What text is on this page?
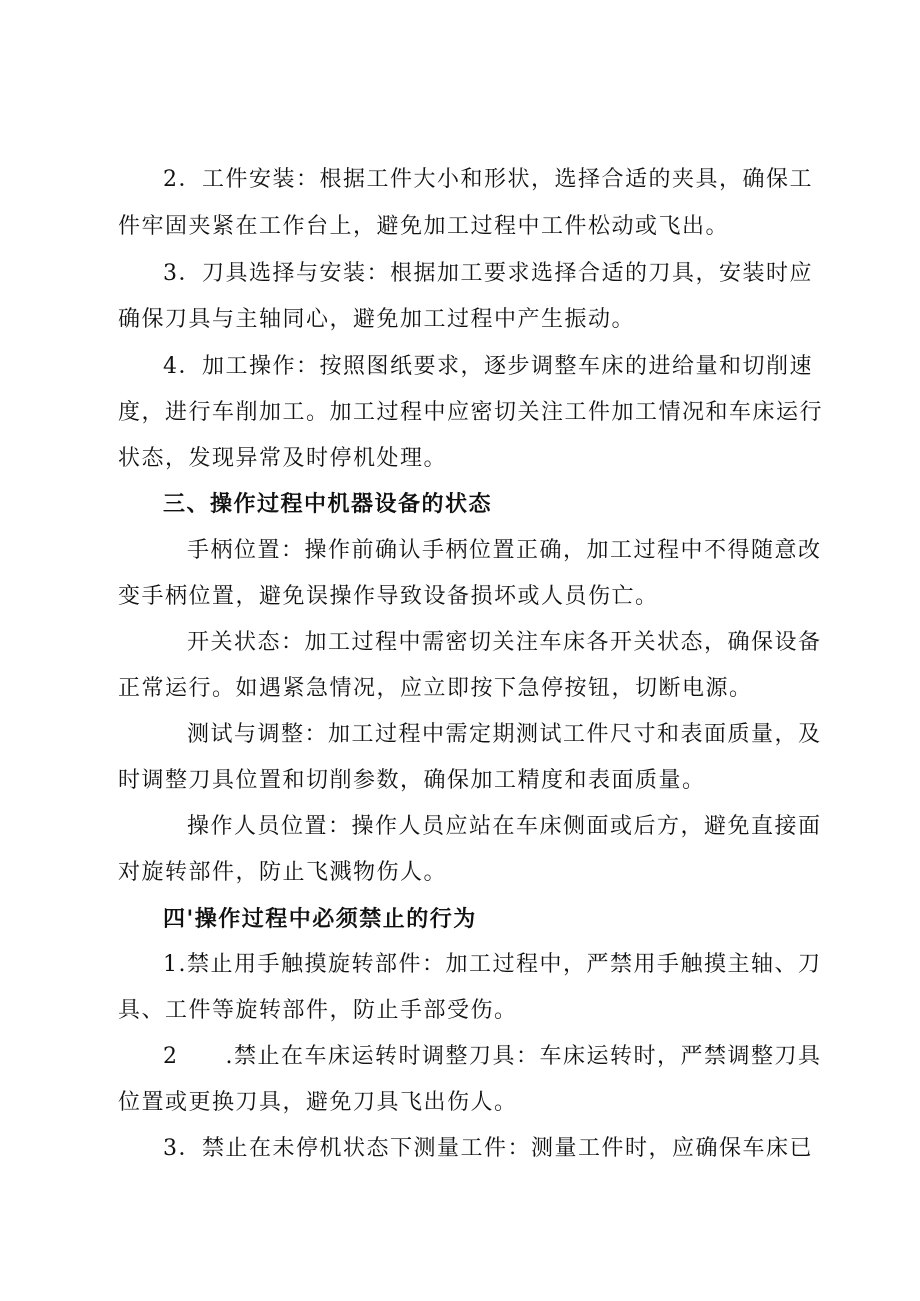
2．工件安装：根据工件大小和形状，选择合适的夹具，确保工
件牢固夹紧在工作台上，避免加工过程中工件松动或飞出。
3．刀具选择与安装：根据加工要求选择合适的刀具，安装时应
确保刀具与主轴同心，避免加工过程中产生振动。
4．加工操作：按照图纸要求，逐步调整车床的进给量和切削速
度，进行车削加工。加工过程中应密切关注工件加工情况和车床运行
状态，发现异常及时停机处理。
三、操作过程中机器设备的状态
手柄位置：操作前确认手柄位置正确，加工过程中不得随意改
变手柄位置，避免误操作导致设备损坏或人员伤亡。
开关状态：加工过程中需密切关注车床各开关状态，确保设备
正常运行。如遇紧急情况，应立即按下急停按钮，切断电源。
测试与调整：加工过程中需定期测试工件尺寸和表面质量，及
时调整刀具位置和切削参数，确保加工精度和表面质量。
操作人员位置：操作人员应站在车床侧面或后方，避免直接面
对旋转部件，防止飞溅物伤人。
四'操作过程中必须禁止的行为
1.禁止用手触摸旋转部件：加工过程中，严禁用手触摸主轴、刀
具、工件等旋转部件，防止手部受伤。
2　　.禁止在车床运转时调整刀具：车床运转时，严禁调整刀具
位置或更换刀具，避免刀具飞出伤人。
3．禁止在未停机状态下测量工件：测量工件时，应确保车床已
